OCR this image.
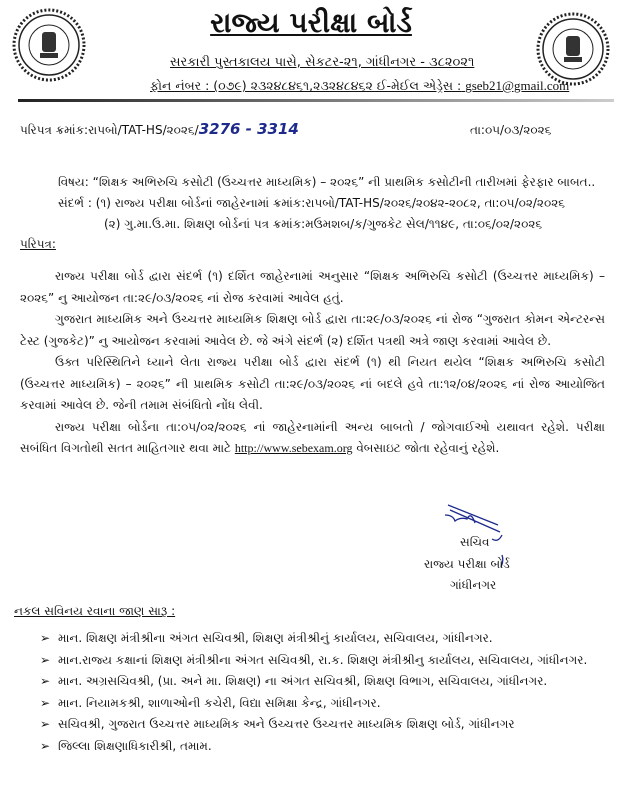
રાજ્ય પરીક્ષા બોર્ડ
સરકારી પુસ્તકાલય પાસે, સેકટર-૨૧, ગાંધીનગર - ૩૮૨૦૨૧
ફોન નંબર : (૦૭૯) ૨૩૨૪૮૪૬૧,૨૩૨૪૮૪૬૨ ઈ-મેઈલ એડ્રેસ : gseb21@gmail.com
પરિપત્ર ક્રમાંક:રાપબો/TAT-HS/૨૦૨૬/3276 - 3314	તા:૦૫/૦૩/૨૦૨૬
વિષય: “શિક્ષક અભિરુચિ કસોટી (ઉચ્ચત્તર માધ્યમિક) – ૨૦૨૬” ની પ્રાથમિક કસોટીની તારીખમાં ફેરફાર બાબત..
સંદર્ભ : (૧) રાજ્ય પરીક્ષા બોર્ડનાં જાહેરનામાં ક્રમાંક:રાપબો/TAT-HS/૨૦૨૬/૨૦૪૨-૨૦૮૨, તા:૦૫/૦૨/૨૦૨૬
(૨) ગુ.મા.ઉ.મા. શિક્ષણ બોર્ડનાં પત્ર ક્રમાંક:મઉમશબ/ક/ગુજકેટ સેલ/૧૧૪૯, તા:૦૬/૦૨/૨૦૨૬
પરિપત્ર:

રાજ્ય પરીક્ષા બોર્ડ દ્વારા સંદર્ભ (૧) દર્શિત જાહેરનામાં અનુસાર “શિક્ષક અભિરુચિ કસોટી (ઉચ્ચત્તર માધ્યમિક) – ૨૦૨૬” નુ આયોજન તા:૨૯/૦૩/૨૦૨૬ નાં રોજ કરવામાં આવેલ હતું.

ગુજરાત માધ્યમિક અને ઉચ્ચત્તર માધ્યમિક શિક્ષણ બોર્ડ દ્વારા તા:૨૯/૦૩/૨૦૨૬ નાં રોજ “ગુજરાત કોમન એન્ટરન્સ ટેસ્ટ (ગુજકેટ)” નુ આયોજન કરવામાં આવેલ છે. જે અંગે સંદર્ભ (૨) દર્શિત પત્રથી અત્રે જાણ કરવામાં આવેલ છે.

ઉક્ત પરિસ્થિતિને ધ્યાને લેતા રાજ્ય પરીક્ષા બોર્ડ દ્વારા સંદર્ભ (૧) થી નિયત થયેલ “શિક્ષક અભિરુચિ કસોટી (ઉચ્ચત્તર માધ્યમિક) – ૨૦૨૬” ની પ્રાથમિક કસોટી તા:૨૯/૦૩/૨૦૨૬ નાં બદલે હવે તા:૧૨/૦૪/૨૦૨૬ નાં રોજ આયોજિત કરવામાં આવેલ છે. જેની તમામ સંબંધિતો નોંધ લેવી.

રાજ્ય પરીક્ષા બોર્ડના તા:૦૫/૦૨/૨૦૨૬ નાં જાહેરનામાંની અન્ય બાબતો / જોગવાઈઓ યથાવત રહેશે. પરીક્ષા સબંધિત વિગતોથી સતત માહિતગાર થવા માટે http://www.sebexam.org વેબસાઇટ જોતા રહેવાનું રહેશે.

સચિવ
રાજ્ય પરીક્ષા બોર્ડ
ગાંધીનગર
નકલ સવિનય રવાના જાણ સારૂ :
➢ માન. શિક્ષણ મંત્રીશ્રીના અંગત સચિવશ્રી, શિક્ષણ મંત્રીશ્રીનું કાર્યાલય, સચિવાલય, ગાંધીનગર.
➢ માન.રાજ્ય કક્ષાનાં શિક્ષણ મંત્રીશ્રીના અંગત સચિવશ્રી, રા.ક. શિક્ષણ મંત્રીશ્રીનુ કાર્યાલય, સચિવાલય, ગાંધીનગર.
➢ માન. અગ્રસચિવશ્રી, (પ્રા. અને મા. શિક્ષણ) ના અંગત સચિવશ્રી, શિક્ષણ વિભાગ, સચિવાલય, ગાંધીનગર.
➢ માન. નિયામકશ્રી, શાળાઓની કચેરી, વિદ્યા સમિક્ષા કેન્દ્ર, ગાંધીનગર.
➢ સચિવશ્રી, ગુજરાત ઉચ્ચત્તર માધ્યમિક અને ઉચ્ચત્તર ઉચ્ચત્તર માધ્યમિક શિક્ષણ બોર્ડ, ગાંધીનગર
➢ જિલ્લા શિક્ષણાધિકારીશ્રી, તમામ.
